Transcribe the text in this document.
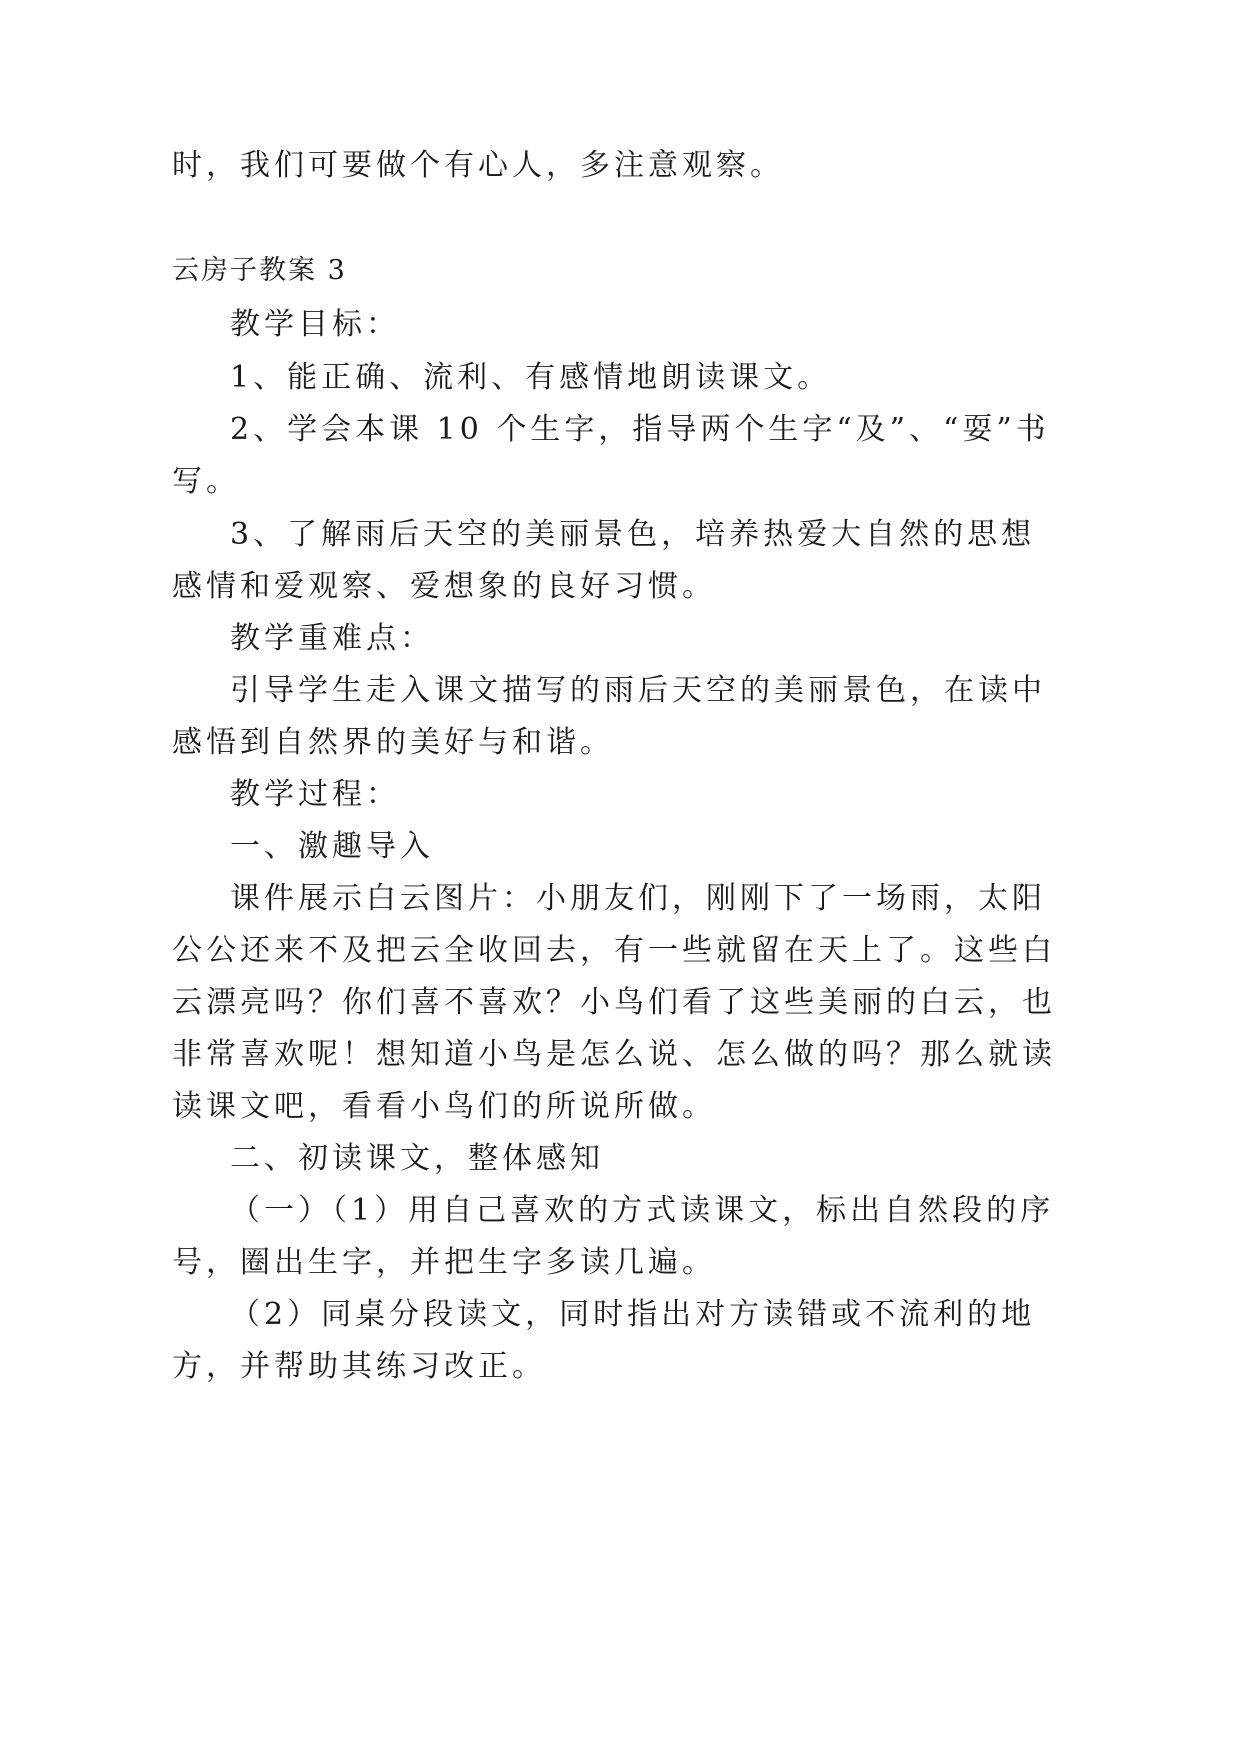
时，我们可要做个有心人，多注意观察。
云房子教案 3
教学目标：
1、能正确、流利、有感情地朗读课文。
2、学会本课 10 个生字，指导两个生字“及”、“耍”书
写。
3、了解雨后天空的美丽景色，培养热爱大自然的思想
感情和爱观察、爱想象的良好习惯。
教学重难点：
引导学生走入课文描写的雨后天空的美丽景色，在读中
感悟到自然界的美好与和谐。
教学过程：
一、激趣导入
课件展示白云图片：小朋友们，刚刚下了一场雨，太阳
公公还来不及把云全收回去，有一些就留在天上了。这些白
云漂亮吗？你们喜不喜欢？小鸟们看了这些美丽的白云，也
非常喜欢呢！想知道小鸟是怎么说、怎么做的吗？那么就读
读课文吧，看看小鸟们的所说所做。
二、初读课文，整体感知
（一）（1）用自己喜欢的方式读课文，标出自然段的序
号，圈出生字，并把生字多读几遍。
（2）同桌分段读文，同时指出对方读错或不流利的地
方，并帮助其练习改正。
